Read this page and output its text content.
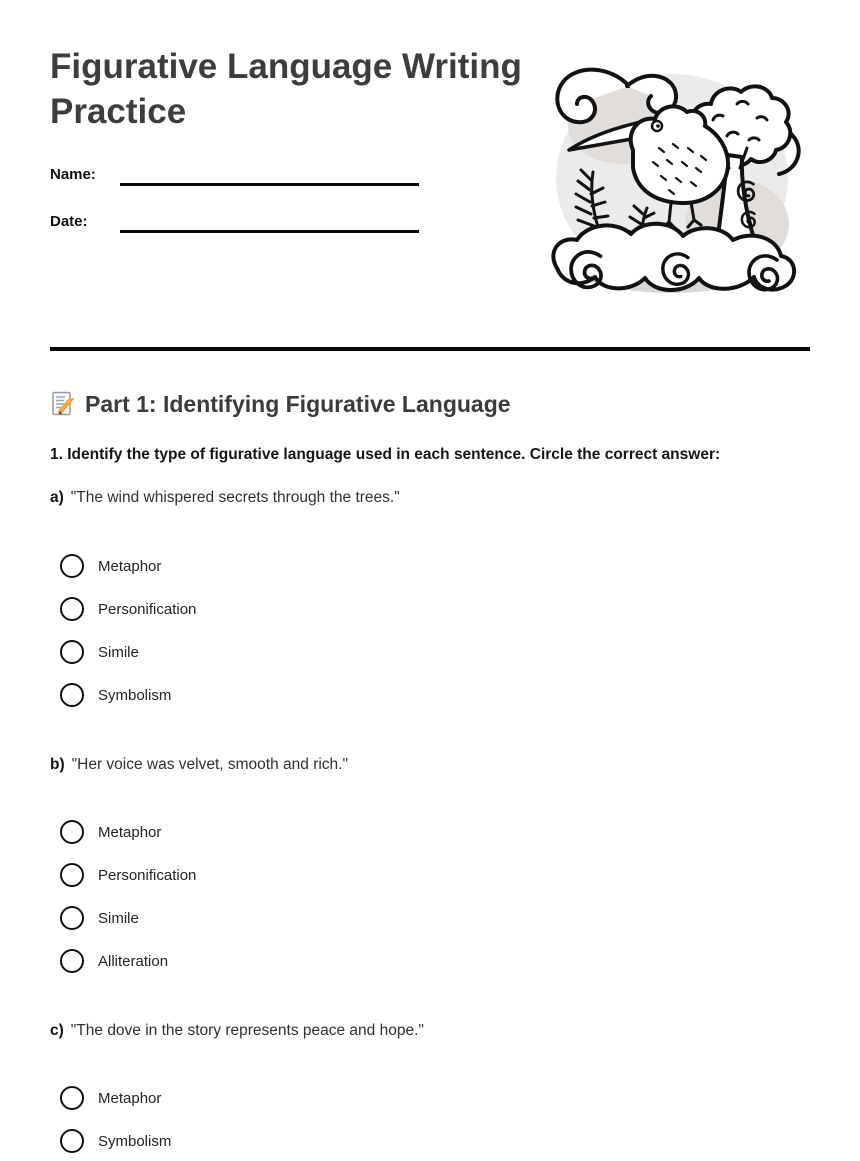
Figurative Language Writing Practice
Name:
Date:
Part 1: Identifying Figurative Language

1. Identify the type of figurative language used in each sentence. Circle the correct answer:

a) "The wind whispered secrets through the trees."

Metaphor
Personification
Simile
Symbolism

b) "Her voice was velvet, smooth and rich."

Metaphor
Personification
Simile
Alliteration

c) "The dove in the story represents peace and hope."

Metaphor
Symbolism
